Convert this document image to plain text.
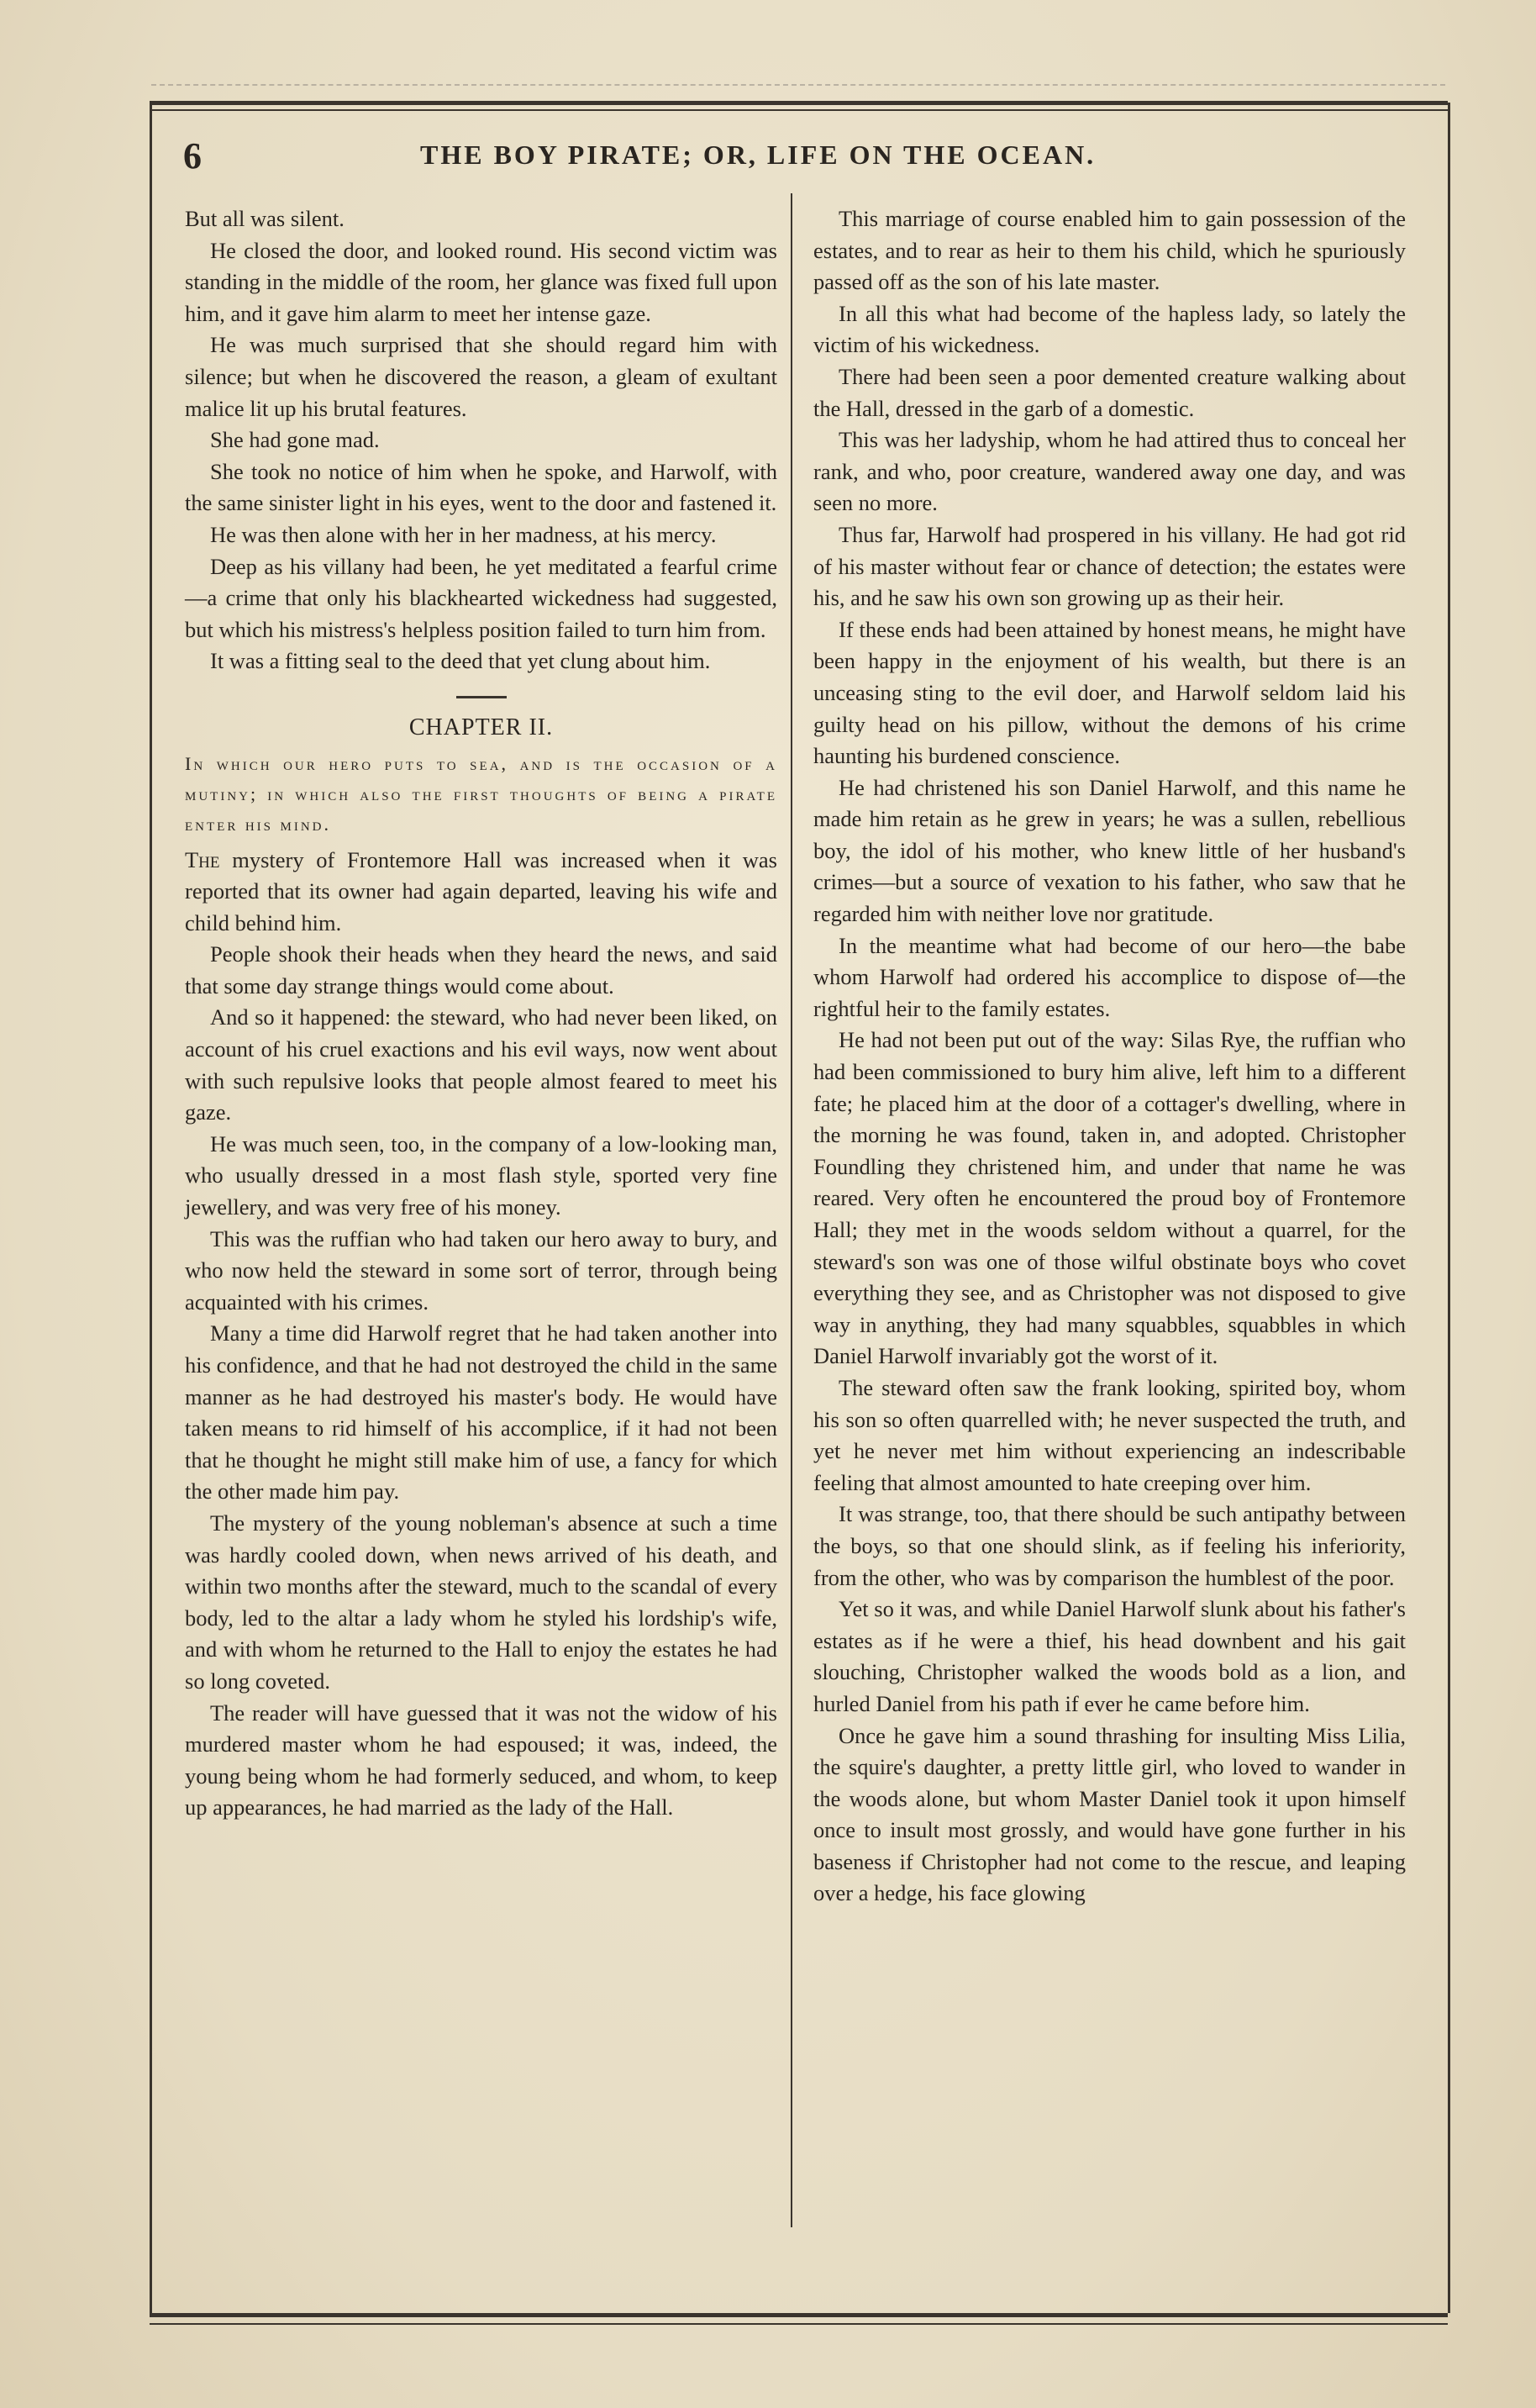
6	THE BOY PIRATE; OR, LIFE ON THE OCEAN.

But all was silent.

He closed the door, and looked round. His second victim was standing in the middle of the room, her glance was fixed full upon him, and it gave him alarm to meet her intense gaze.

He was much surprised that she should regard him with silence; but when he discovered the reason, a gleam of exultant malice lit up his brutal features.

She had gone mad.

She took no notice of him when he spoke, and Harwolf, with the same sinister light in his eyes, went to the door and fastened it.

He was then alone with her in her madness, at his mercy.

Deep as his villany had been, he yet meditated a fearful crime—a crime that only his blackhearted wickedness had suggested, but which his mistress's helpless position failed to turn him from.

It was a fitting seal to the deed that yet clung about him.

CHAPTER II.
In which our hero puts to sea, and is the occasion of a mutiny; in which also the first thoughts of being a pirate enter his mind.

The mystery of Frontemore Hall was increased when it was reported that its owner had again departed, leaving his wife and child behind him.

People shook their heads when they heard the news, and said that some day strange things would come about.

And so it happened: the steward, who had never been liked, on account of his cruel exactions and his evil ways, now went about with such repulsive looks that people almost feared to meet his gaze.

He was much seen, too, in the company of a low-looking man, who usually dressed in a most flash style, sported very fine jewellery, and was very free of his money.

This was the ruffian who had taken our hero away to bury, and who now held the steward in some sort of terror, through being acquainted with his crimes.

Many a time did Harwolf regret that he had taken another into his confidence, and that he had not destroyed the child in the same manner as he had destroyed his master's body. He would have taken means to rid himself of his accomplice, if it had not been that he thought he might still make him of use, a fancy for which the other made him pay.

The mystery of the young nobleman's absence at such a time was hardly cooled down, when news arrived of his death, and within two months after the steward, much to the scandal of every body, led to the altar a lady whom he styled his lordship's wife, and with whom he returned to the Hall to enjoy the estates he had so long coveted.

The reader will have guessed that it was not the widow of his murdered master whom he had espoused; it was, indeed, the young being whom he had formerly seduced, and whom, to keep up appearances, he had married as the lady of the Hall.

This marriage of course enabled him to gain possession of the estates, and to rear as heir to them his child, which he spuriously passed off as the son of his late master.

In all this what had become of the hapless lady, so lately the victim of his wickedness.

There had been seen a poor demented creature walking about the Hall, dressed in the garb of a domestic.

This was her ladyship, whom he had attired thus to conceal her rank, and who, poor creature, wandered away one day, and was seen no more.

Thus far, Harwolf had prospered in his villany. He had got rid of his master without fear or chance of detection; the estates were his, and he saw his own son growing up as their heir.

If these ends had been attained by honest means, he might have been happy in the enjoyment of his wealth, but there is an unceasing sting to the evil doer, and Harwolf seldom laid his guilty head on his pillow, without the demons of his crime haunting his burdened conscience.

He had christened his son Daniel Harwolf, and this name he made him retain as he grew in years; he was a sullen, rebellious boy, the idol of his mother, who knew little of her husband's crimes—but a source of vexation to his father, who saw that he regarded him with neither love nor gratitude.

In the meantime what had become of our hero—the babe whom Harwolf had ordered his accomplice to dispose of—the rightful heir to the family estates.

He had not been put out of the way: Silas Rye, the ruffian who had been commissioned to bury him alive, left him to a different fate; he placed him at the door of a cottager's dwelling, where in the morning he was found, taken in, and adopted. Christopher Foundling they christened him, and under that name he was reared. Very often he encountered the proud boy of Frontemore Hall; they met in the woods seldom without a quarrel, for the steward's son was one of those wilful obstinate boys who covet everything they see, and as Christopher was not disposed to give way in anything, they had many squabbles, squabbles in which Daniel Harwolf invariably got the worst of it.

The steward often saw the frank looking, spirited boy, whom his son so often quarrelled with; he never suspected the truth, and yet he never met him without experiencing an indescribable feeling that almost amounted to hate creeping over him.

It was strange, too, that there should be such antipathy between the boys, so that one should slink, as if feeling his inferiority, from the other, who was by comparison the humblest of the poor.

Yet so it was, and while Daniel Harwolf slunk about his father's estates as if he were a thief, his head downbent and his gait slouching, Christopher walked the woods bold as a lion, and hurled Daniel from his path if ever he came before him.

Once he gave him a sound thrashing for insulting Miss Lilia, the squire's daughter, a pretty little girl, who loved to wander in the woods alone, but whom Master Daniel took it upon himself once to insult most grossly, and would have gone further in his baseness if Christopher had not come to the rescue, and leaping over a hedge, his face glowing
